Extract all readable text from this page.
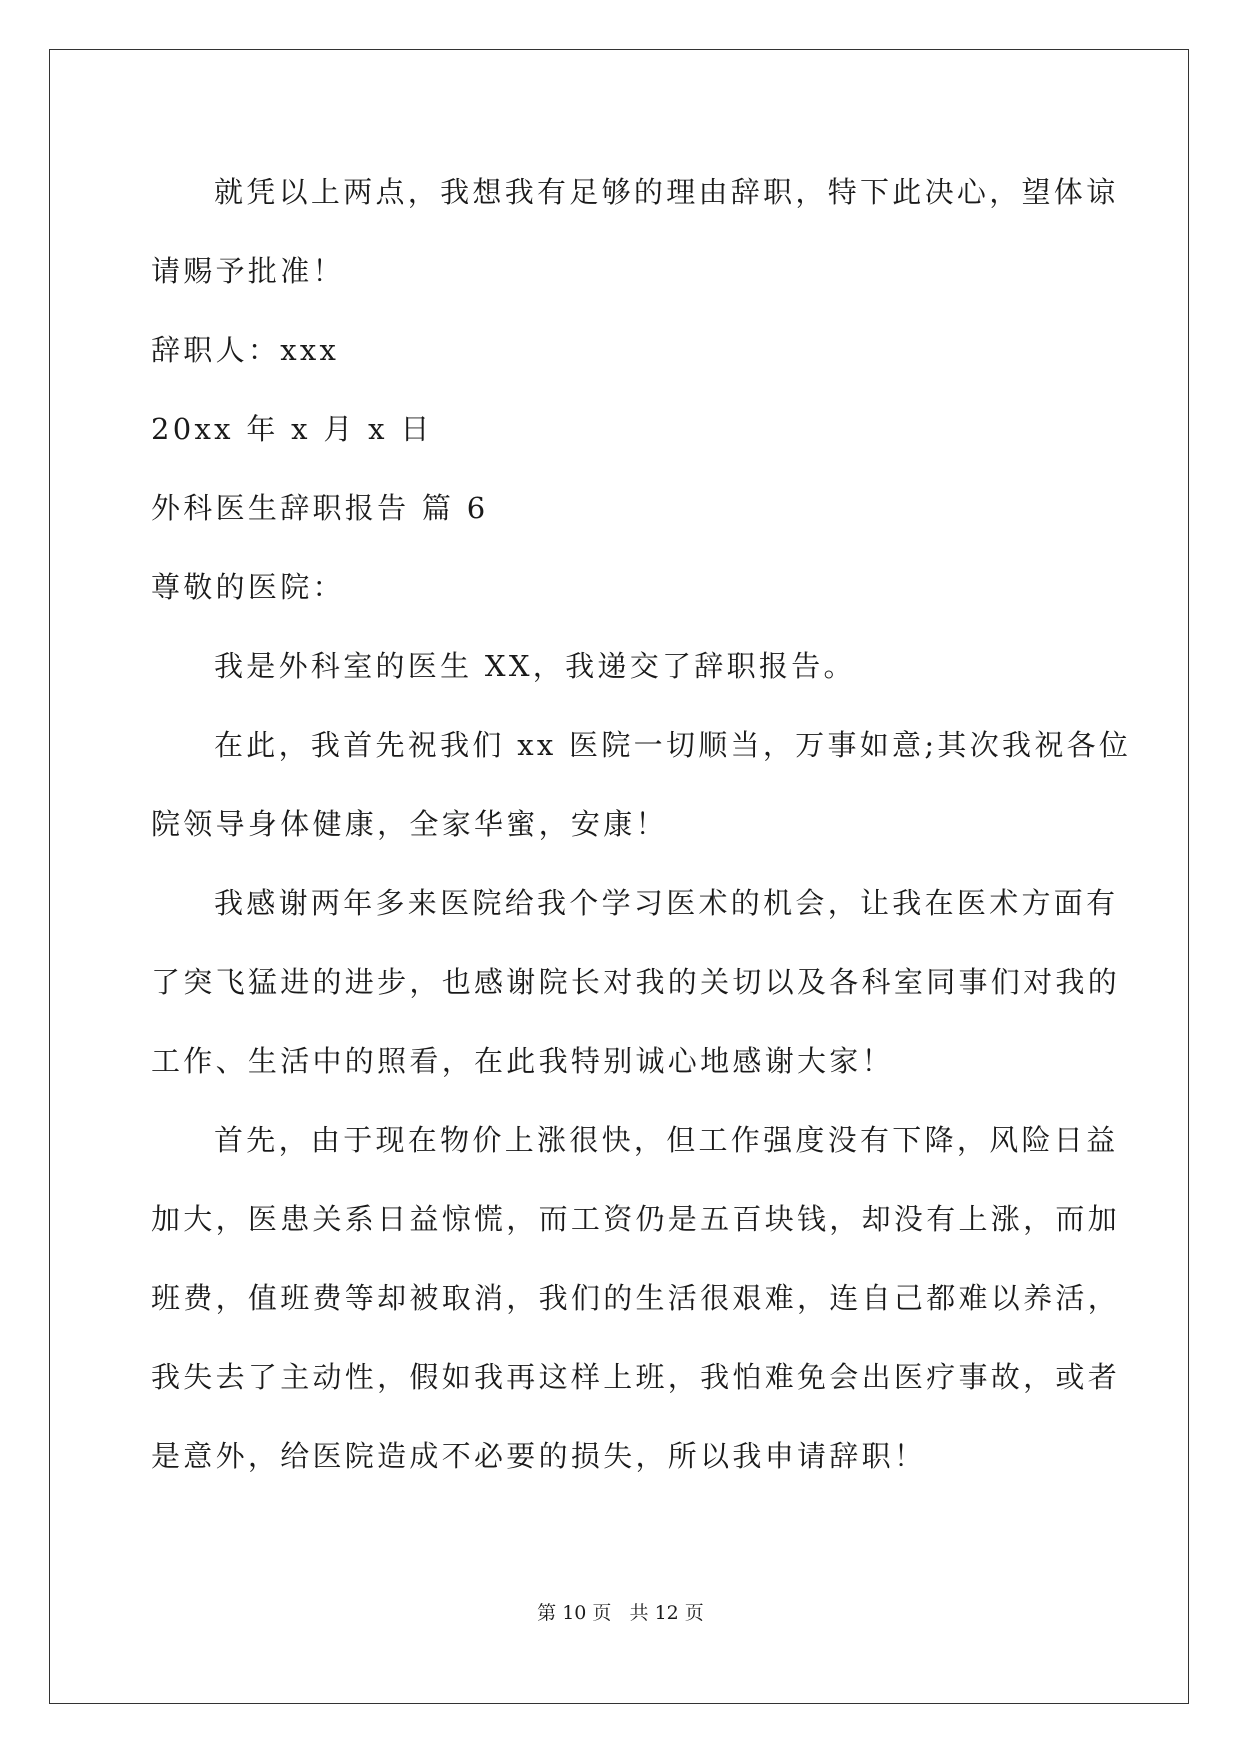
就凭以上两点，我想我有足够的理由辞职，特下此决心，望体谅
请赐予批准！
辞职人：xxx
20xx 年 x 月 x 日
外科医生辞职报告 篇 6
尊敬的医院：
我是外科室的医生 XX，我递交了辞职报告。
在此，我首先祝我们 xx 医院一切顺当，万事如意;其次我祝各位
院领导身体健康，全家华蜜，安康！
我感谢两年多来医院给我个学习医术的机会，让我在医术方面有
了突飞猛进的进步，也感谢院长对我的关切以及各科室同事们对我的
工作、生活中的照看，在此我特别诚心地感谢大家！
首先，由于现在物价上涨很快，但工作强度没有下降，风险日益
加大，医患关系日益惊慌，而工资仍是五百块钱，却没有上涨，而加
班费，值班费等却被取消，我们的生活很艰难，连自己都难以养活，
我失去了主动性，假如我再这样上班，我怕难免会出医疗事故，或者
是意外，给医院造成不必要的损失，所以我申请辞职！
第 10 页   共 12 页
